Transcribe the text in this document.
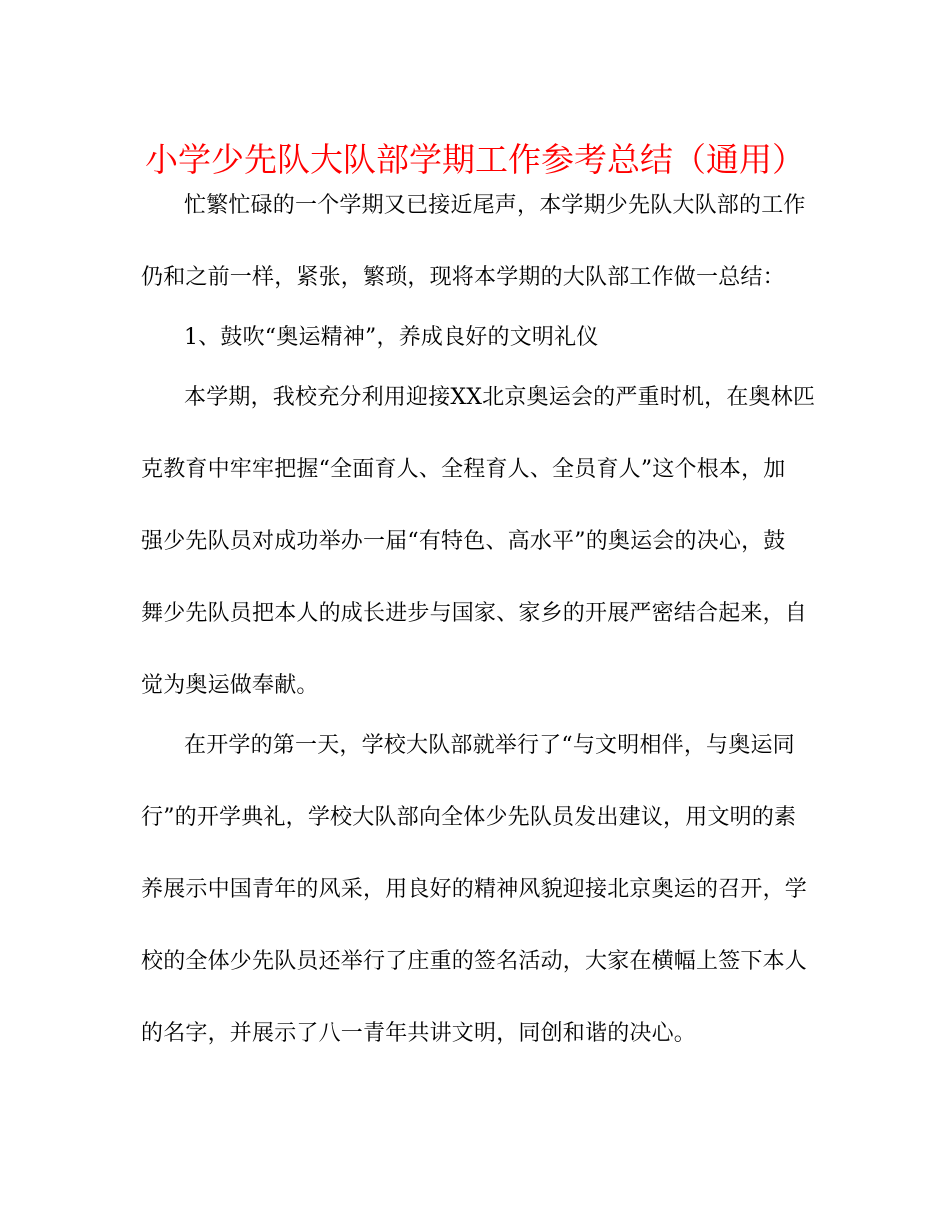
小学少先队大队部学期工作参考总结（通用）
忙繁忙碌的一个学期又已接近尾声，本学期少先队大队部的工作
仍和之前一样，紧张，繁琐，现将本学期的大队部工作做一总结：
1、鼓吹“奥运精神”，养成良好的文明礼仪
本学期，我校充分利用迎接XX北京奥运会的严重时机，在奥林匹
克教育中牢牢把握“全面育人、全程育人、全员育人”这个根本，加
强少先队员对成功举办一届“有特色、高水平”的奥运会的决心，鼓
舞少先队员把本人的成长进步与国家、家乡的开展严密结合起来，自
觉为奥运做奉献。
在开学的第一天，学校大队部就举行了“与文明相伴，与奥运同
行”的开学典礼，学校大队部向全体少先队员发出建议，用文明的素
养展示中国青年的风采，用良好的精神风貌迎接北京奥运的召开，学
校的全体少先队员还举行了庄重的签名活动，大家在横幅上签下本人
的名字，并展示了八一青年共讲文明，同创和谐的决心。
